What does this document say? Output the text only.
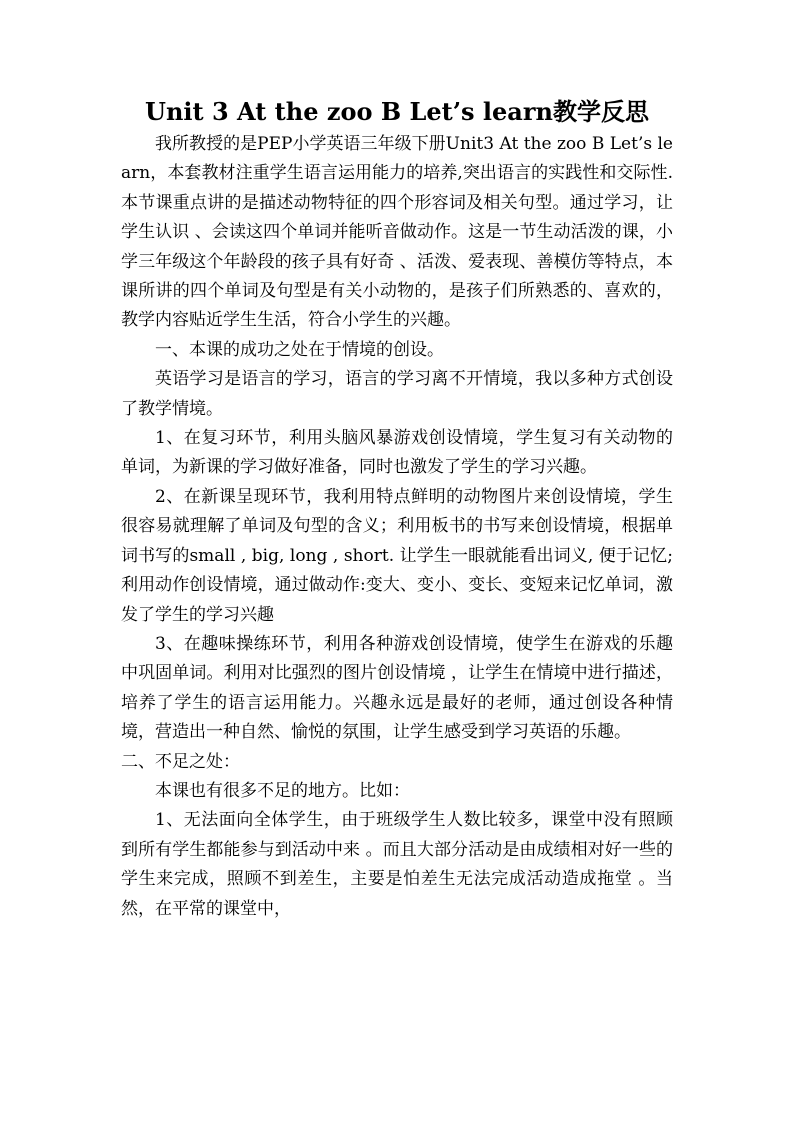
Unit 3 At the zoo B Let’s learn教学反思

我所教授的是PEP小学英语三年级下册Unit3 At the zoo B Let’s learn，本套教材注重学生语言运用能力的培养,突出语言的实践性和交际性.本节课重点讲的是描述动物特征的四个形容词及相关句型。通过学习，让学生认识 、会读这四个单词并能听音做动作。这是一节生动活泼的课，小学三年级这个年龄段的孩子具有好奇 、活泼、爱表现、善模仿等特点，本课所讲的四个单词及句型是有关小动物的，是孩子们所熟悉的、喜欢的，教学内容贴近学生生活，符合小学生的兴趣。

一、本课的成功之处在于情境的创设。

英语学习是语言的学习，语言的学习离不开情境，我以多种方式创设了教学情境。

1、在复习环节，利用头脑风暴游戏创设情境，学生复习有关动物的单词，为新课的学习做好准备，同时也激发了学生的学习兴趣。

2、在新课呈现环节，我利用特点鲜明的动物图片来创设情境，学生很容易就理解了单词及句型的含义；利用板书的书写来创设情境，根据单词书写的small , big, long , short. 让学生一眼就能看出词义, 便于记忆;利用动作创设情境，通过做动作:变大、变小、变长、变短来记忆单词，激发了学生的学习兴趣

3、在趣味操练环节，利用各种游戏创设情境，使学生在游戏的乐趣中巩固单词。利用对比强烈的图片创设情境 ，让学生在情境中进行描述，培养了学生的语言运用能力。兴趣永远是最好的老师，通过创设各种情境，营造出一种自然、愉悦的氛围，让学生感受到学习英语的乐趣。

二、不足之处：

本课也有很多不足的地方。比如：

1、无法面向全体学生，由于班级学生人数比较多，课堂中没有照顾到所有学生都能参与到活动中来 。而且大部分活动是由成绩相对好一些的学生来完成，照顾不到差生，主要是怕差生无法完成活动造成拖堂 。当然，在平常的课堂中，
